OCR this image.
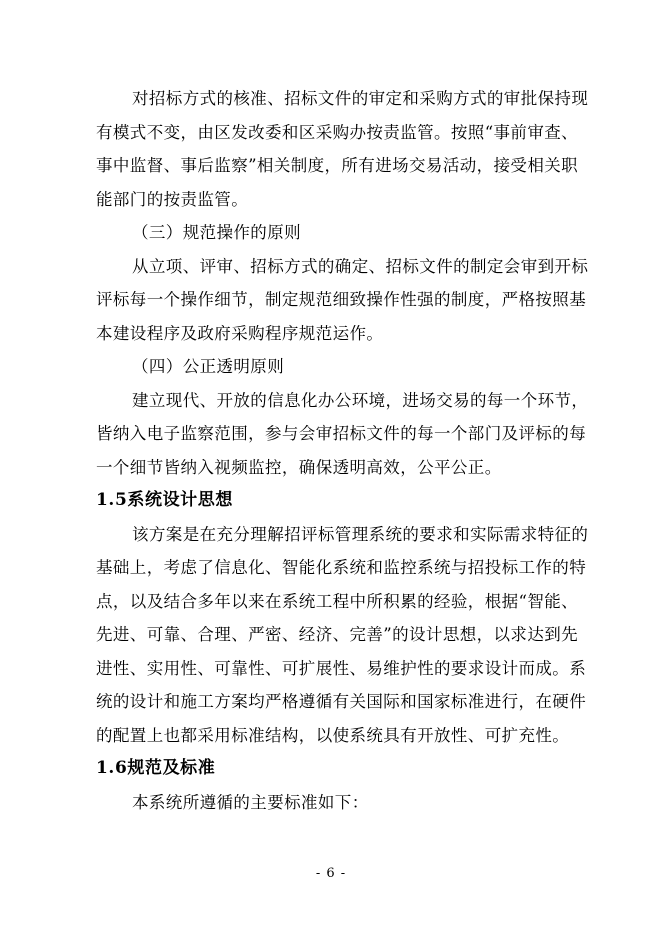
对招标方式的核准、招标文件的审定和采购方式的审批保持现
有模式不变，由区发改委和区采购办按责监管。按照“事前审查、
事中监督、事后监察”相关制度，所有进场交易活动，接受相关职
能部门的按责监管。
（三）规范操作的原则
从立项、评审、招标方式的确定、招标文件的制定会审到开标
评标每一个操作细节，制定规范细致操作性强的制度，严格按照基
本建设程序及政府采购程序规范运作。
（四）公正透明原则
建立现代、开放的信息化办公环境，进场交易的每一个环节，
皆纳入电子监察范围，参与会审招标文件的每一个部门及评标的每
一个细节皆纳入视频监控，确保透明高效，公平公正。
1.5系统设计思想
该方案是在充分理解招评标管理系统的要求和实际需求特征的
基础上，考虑了信息化、智能化系统和监控系统与招投标工作的特
点，以及结合多年以来在系统工程中所积累的经验，根据“智能、
先进、可靠、合理、严密、经济、完善”的设计思想，以求达到先
进性、实用性、可靠性、可扩展性、易维护性的要求设计而成。系
统的设计和施工方案均严格遵循有关国际和国家标准进行，在硬件
的配置上也都采用标准结构，以使系统具有开放性、可扩充性。
1.6规范及标准
本系统所遵循的主要标准如下：
- 6 -
